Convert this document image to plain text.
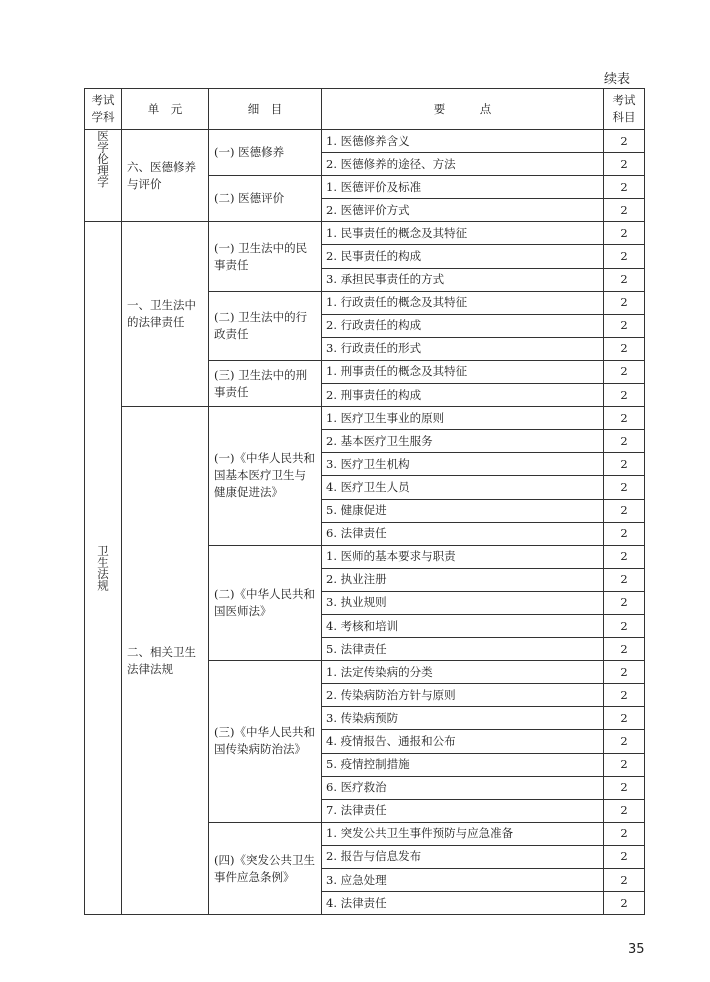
续表
考试学科	单　元	细　目	要　　　点	考试科目

医学伦理学	六、医德修养与评价	(一) 医德修养	1. 医德修养含义	2
			2. 医德修养的途径、方法	2
		(二) 医德评价	1. 医德评价及标准	2
			2. 医德评价方式	2

卫生法规	一、卫生法中的法律责任	(一) 卫生法中的民事责任	1. 民事责任的概念及其特征	2
			2. 民事责任的构成	2
			3. 承担民事责任的方式	2
		(二) 卫生法中的行政责任	1. 行政责任的概念及其特征	2
			2. 行政责任的构成	2
			3. 行政责任的形式	2
		(三) 卫生法中的刑事责任	1. 刑事责任的概念及其特征	2
			2. 刑事责任的构成	2
	二、相关卫生法律法规	(一)《中华人民共和国基本医疗卫生与健康促进法》	1. 医疗卫生事业的原则	2
			2. 基本医疗卫生服务	2
			3. 医疗卫生机构	2
			4. 医疗卫生人员	2
			5. 健康促进	2
			6. 法律责任	2
		(二)《中华人民共和国医师法》	1. 医师的基本要求与职责	2
			2. 执业注册	2
			3. 执业规则	2
			4. 考核和培训	2
			5. 法律责任	2
		(三)《中华人民共和国传染病防治法》	1. 法定传染病的分类	2
			2. 传染病防治方针与原则	2
			3. 传染病预防	2
			4. 疫情报告、通报和公布	2
			5. 疫情控制措施	2
			6. 医疗救治	2
			7. 法律责任	2
		(四)《突发公共卫生事件应急条例》	1. 突发公共卫生事件预防与应急准备	2
			2. 报告与信息发布	2
			3. 应急处理	2
			4. 法律责任	2
35
